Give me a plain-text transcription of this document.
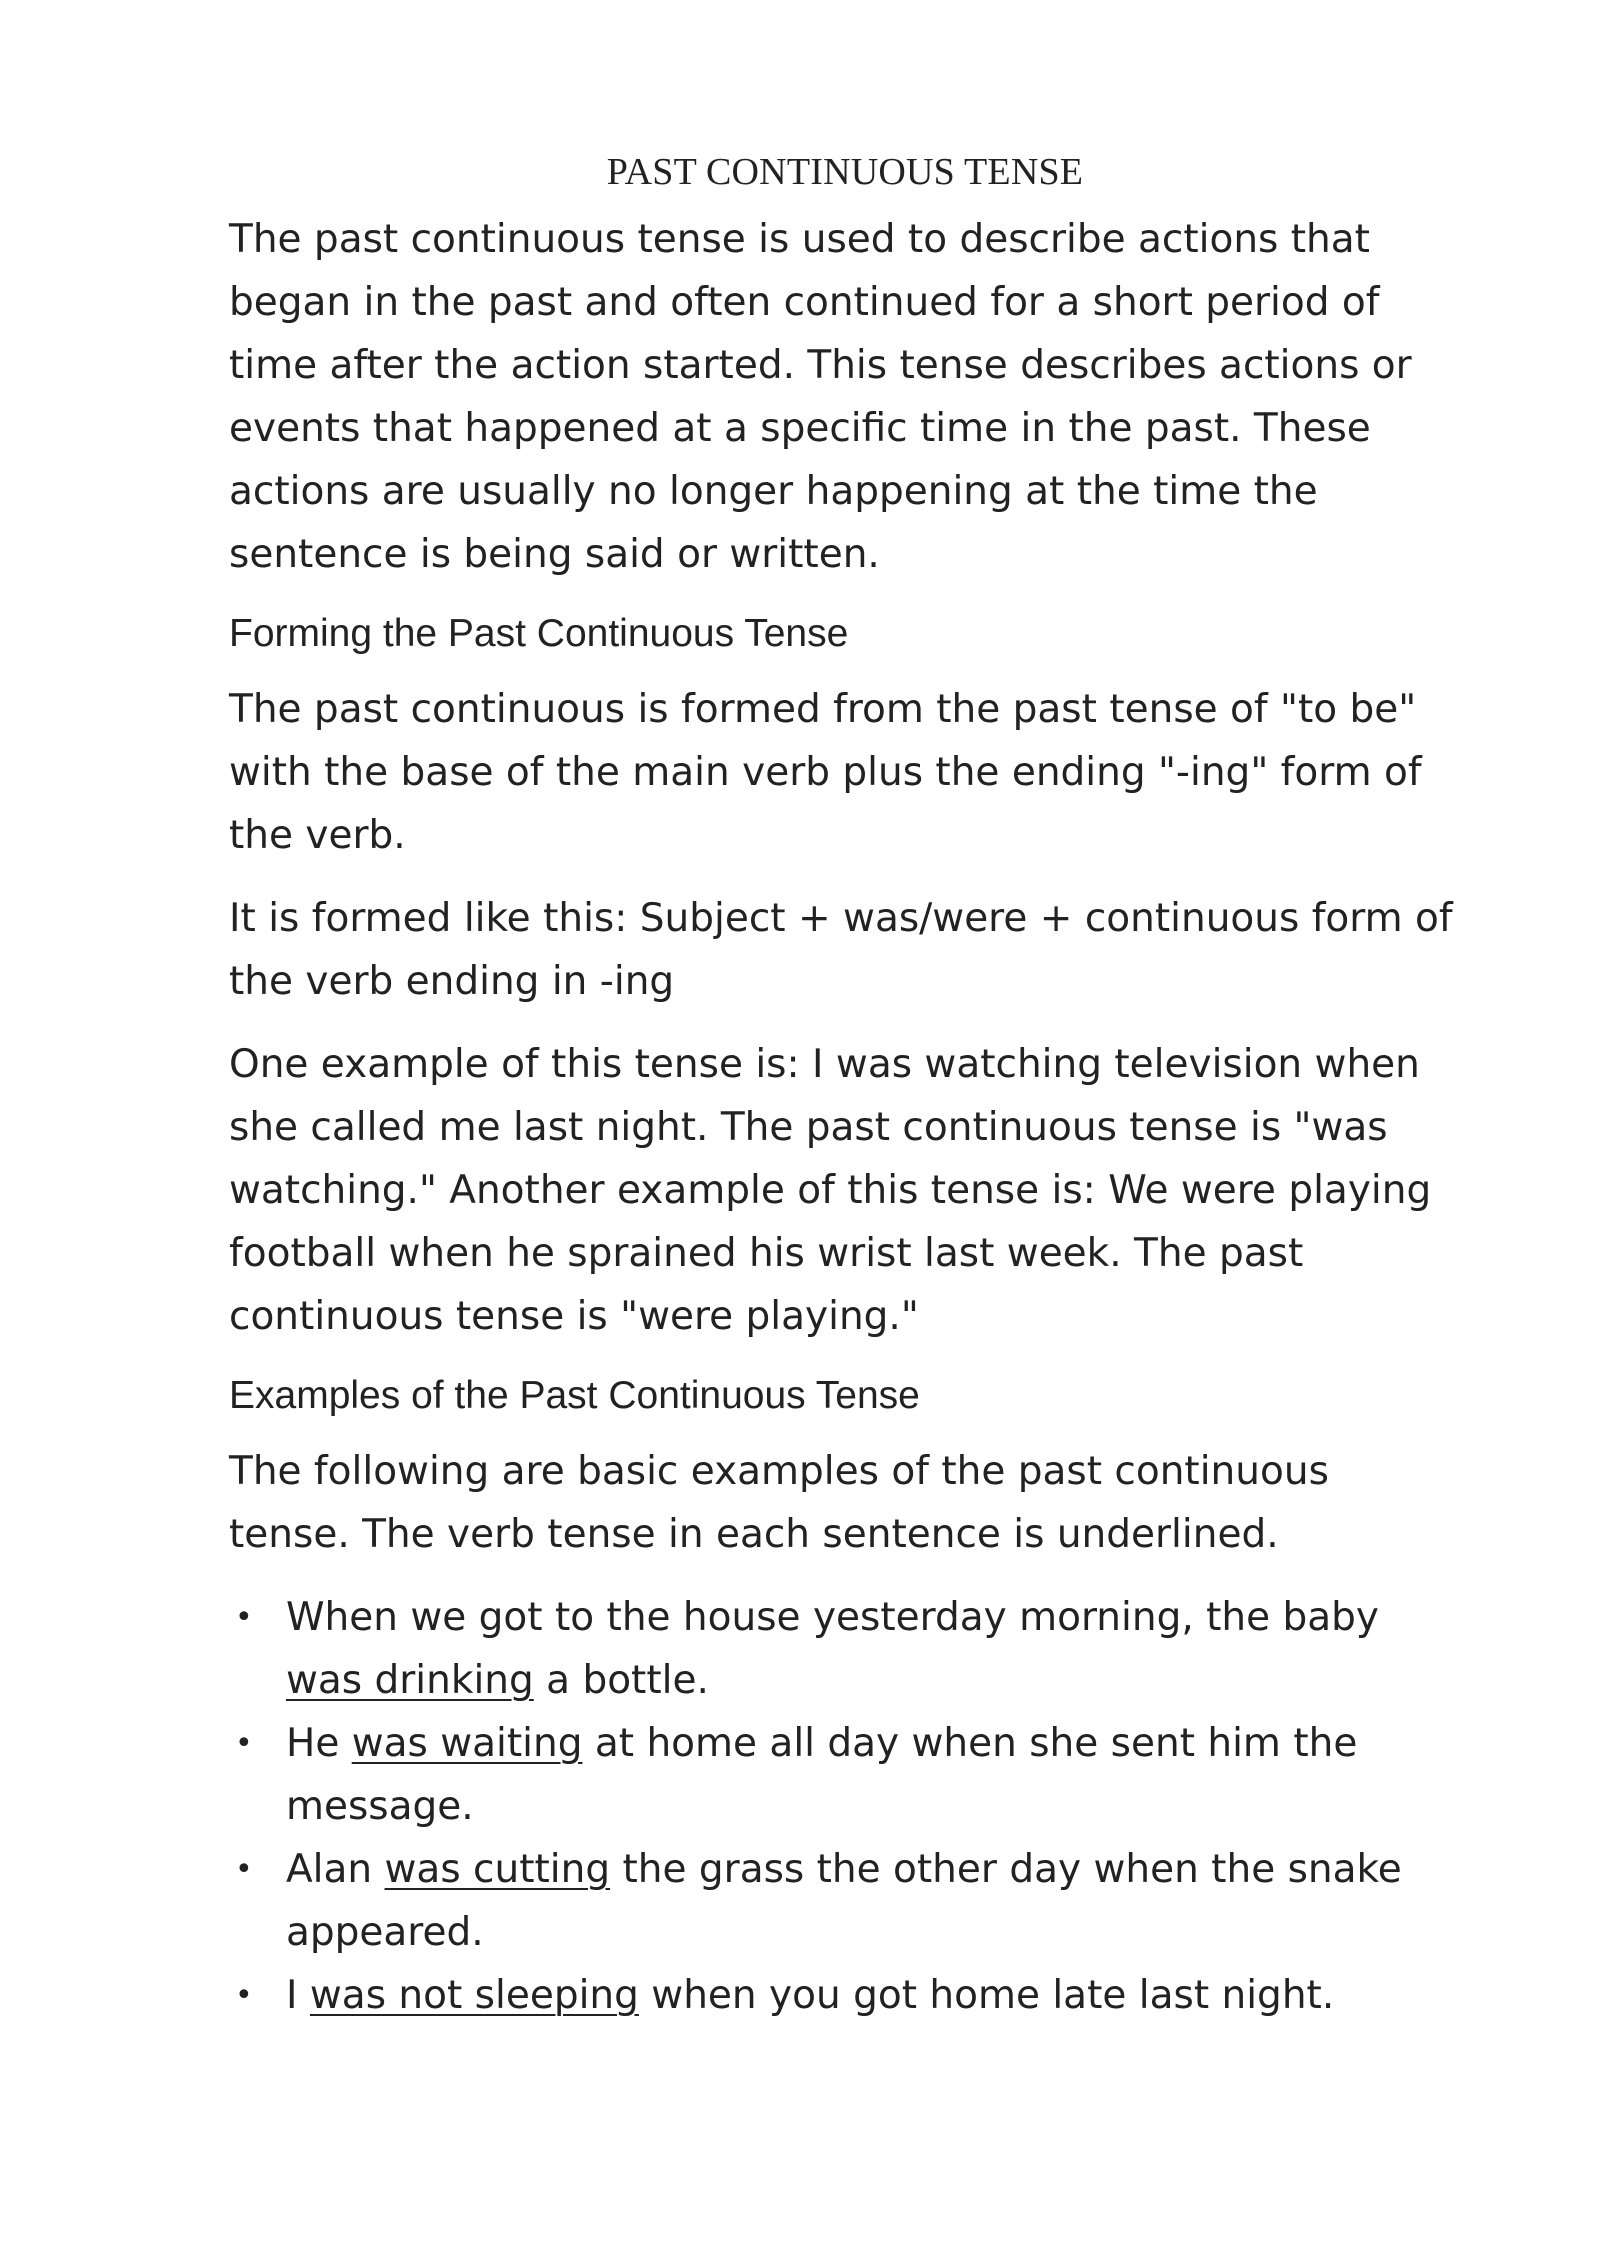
PAST CONTINUOUS TENSE

The past continuous tense is used to describe actions that began in the past and often continued for a short period of time after the action started. This tense describes actions or events that happened at a specific time in the past. These actions are usually no longer happening at the time the sentence is being said or written.

Forming the Past Continuous Tense

The past continuous is formed from the past tense of "to be" with the base of the main verb plus the ending "-ing" form of the verb.

It is formed like this: Subject + was/were + continuous form of the verb ending in -ing

One example of this tense is: I was watching television when she called me last night. The past continuous tense is "was watching." Another example of this tense is: We were playing football when he sprained his wrist last week. The past continuous tense is "were playing."

Examples of the Past Continuous Tense

The following are basic examples of the past continuous tense. The verb tense in each sentence is underlined.

• When we got to the house yesterday morning, the baby was drinking a bottle.
• He was waiting at home all day when she sent him the message.
• Alan was cutting the grass the other day when the snake appeared.
• I was not sleeping when you got home late last night.
